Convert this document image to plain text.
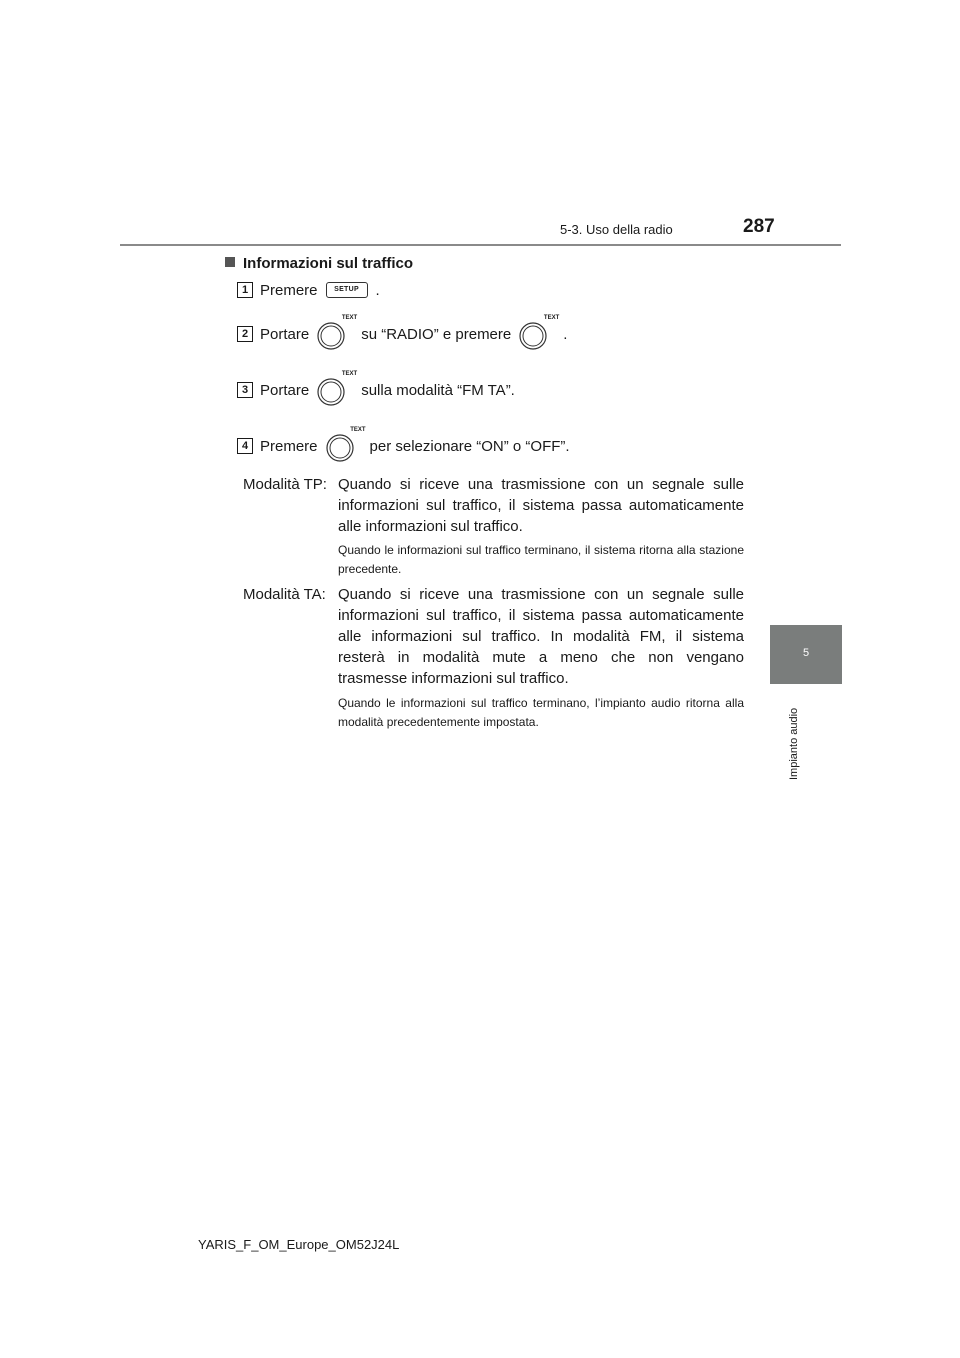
5-3. Uso della radio	287
5
Impianto audio
Informazioni sul traffico
1 Premere	SETUP	.
2 Portare
TEXT
su “RADIO” e premere
TEXT
.
3 Portare
TEXT
sulla modalità “FM TA”.
4 Premere
TEXT
per selezionare “ON” o “OFF”.
Modalità TP: Quando si riceve una trasmissione con un segnale sulle informazioni sul traffico, il sistema passa automaticamente alle informazioni sul traffico.
Quando le informazioni sul traffico terminano, il sistema ritorna alla stazione precedente.
Modalità TA: Quando si riceve una trasmissione con un segnale sulle informazioni sul traffico, il sistema passa automaticamente alle informazioni sul traffico. In modalità FM, il sistema resterà in modalità mute a meno che non vengano trasmesse informazioni sul traffico.
Quando le informazioni sul traffico terminano, l’impianto audio ritorna alla modalità precedentemente impostata.
YARIS_F_OM_Europe_OM52J24L
